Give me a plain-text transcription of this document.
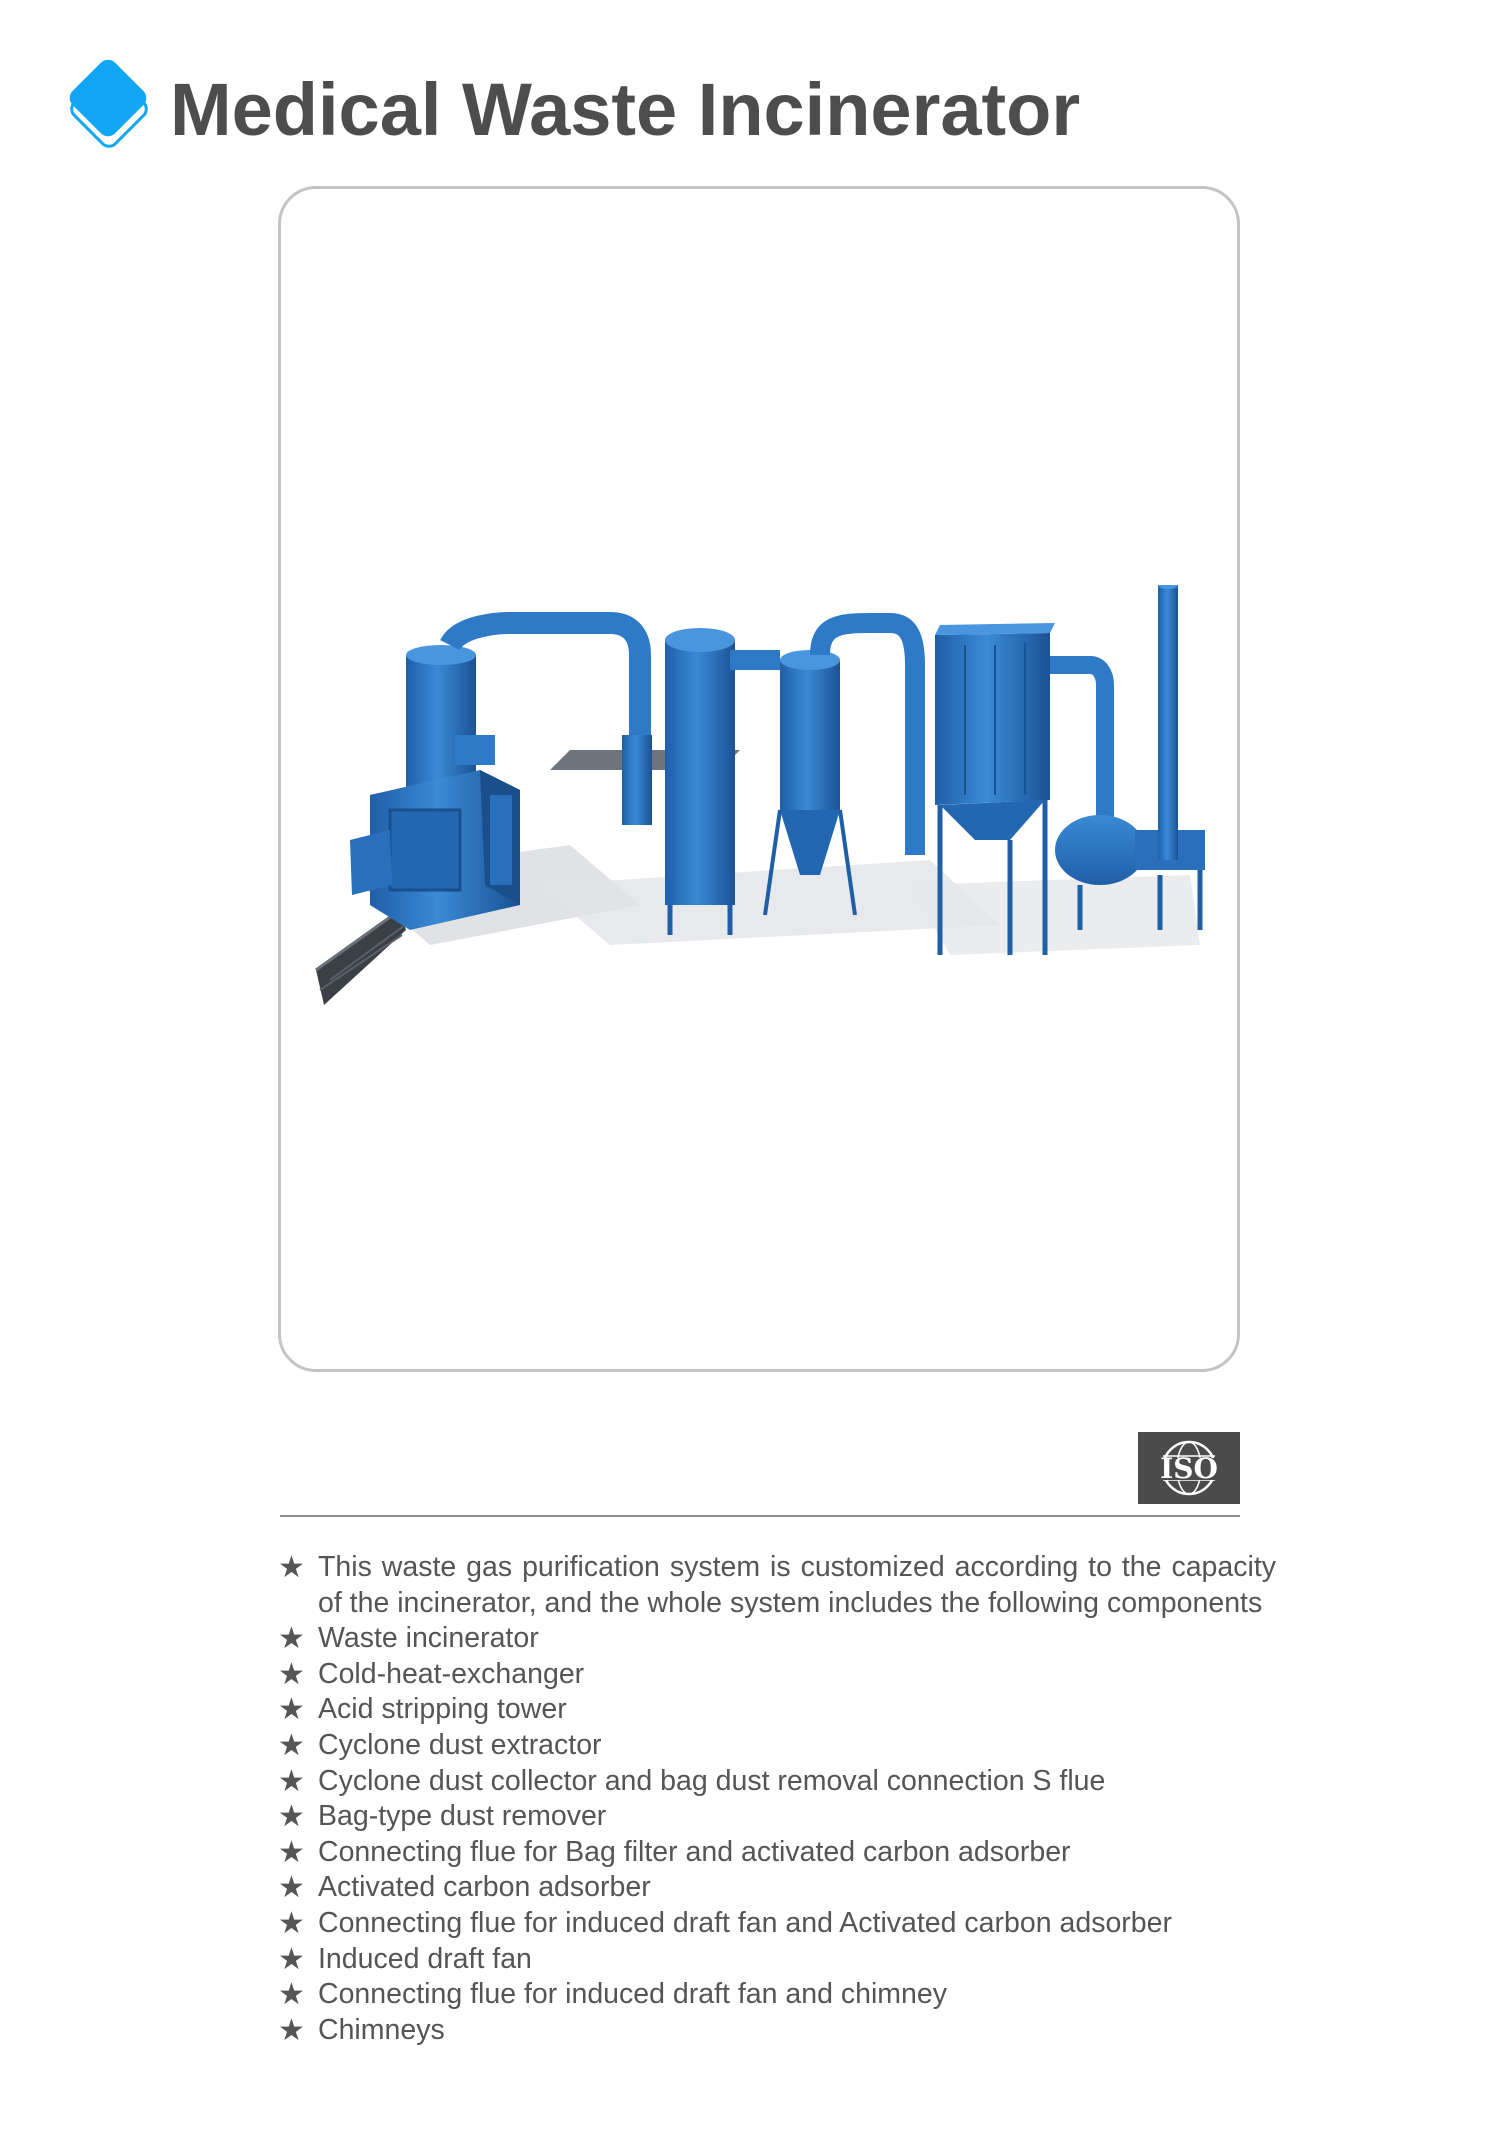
Medical Waste Incinerator
ISO
★ This waste gas purification system is customized according to the capacity of the incinerator, and the whole system includes the following components
★ Waste incinerator
★ Cold-heat-exchanger
★ Acid stripping tower
★ Cyclone dust extractor
★ Cyclone dust collector and bag dust removal connection S flue
★ Bag-type dust remover
★ Connecting flue for Bag filter and activated carbon adsorber
★ Activated carbon adsorber
★ Connecting flue for induced draft fan and Activated carbon adsorber
★ Induced draft fan
★ Connecting flue for induced draft fan and chimney
★ Chimneys
